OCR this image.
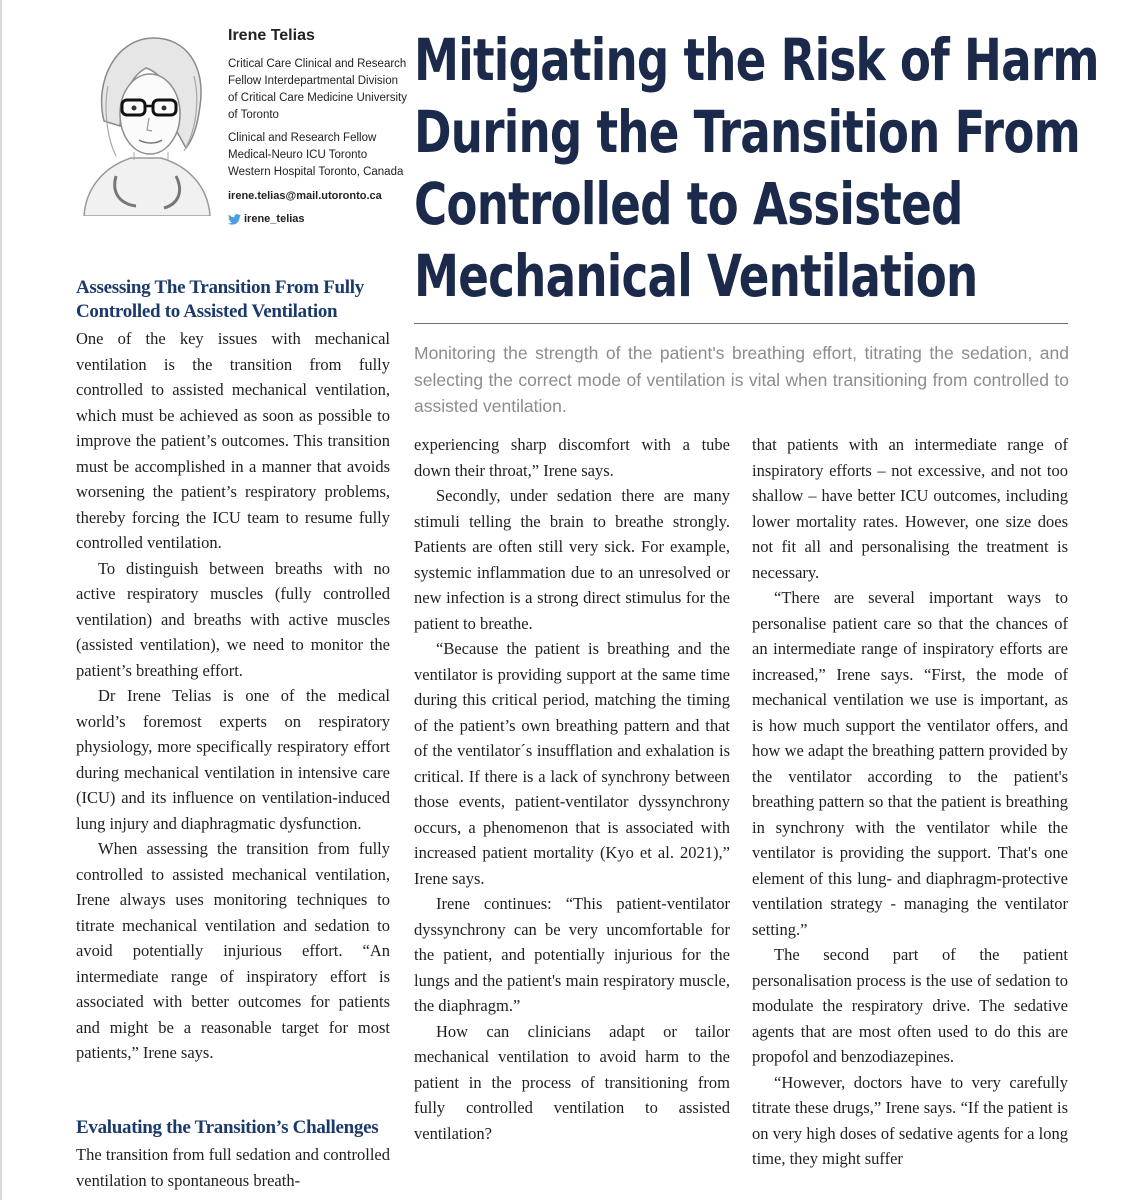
Irene Telias

Critical Care Clinical and Research Fellow Interdepartmental Division of Critical Care Medicine University of Toronto

Clinical and Research Fellow Medical-Neuro ICU Toronto Western Hospital Toronto, Canada

irene.telias@mail.utoronto.ca
irene_telias
Mitigating the Risk of Harm
During the Transition From
Controlled to Assisted
Mechanical Ventilation

Monitoring the strength of the patient's breathing effort, titrating the sedation, and selecting the correct mode of ventilation is vital when transitioning from controlled to assisted ventilation.

Assessing The Transition From Fully Controlled to Assisted Ventilation

One of the key issues with mechanical ventilation is the transition from fully controlled to assisted mechanical ventilation, which must be achieved as soon as possible to improve the patient’s outcomes. This transition must be accomplished in a manner that avoids worsening the patient’s respiratory problems, thereby forcing the ICU team to resume fully controlled ventilation.

To distinguish between breaths with no active respiratory muscles (fully controlled ventilation) and breaths with active muscles (assisted ventilation), we need to monitor the patient’s breathing effort.

Dr Irene Telias is one of the medical world’s foremost experts on respiratory physiology, more specifically respiratory effort during mechanical ventilation in intensive care (ICU) and its influence on ventilation-induced lung injury and diaphragmatic dysfunction.

When assessing the transition from fully controlled to assisted mechanical ventilation, Irene always uses monitoring techniques to titrate mechanical ventilation and sedation to avoid potentially injurious effort. “An intermediate range of inspiratory effort is associated with better outcomes for patients and might be a reasonable target for most patients,” Irene says.

Evaluating the Transition’s Challenges

The transition from full sedation and controlled ventilation to spontaneous breath-

experiencing sharp discomfort with a tube down their throat,” Irene says.

Secondly, under sedation there are many stimuli telling the brain to breathe strongly. Patients are often still very sick. For example, systemic inflammation due to an unresolved or new infection is a strong direct stimulus for the patient to breathe.

“Because the patient is breathing and the ventilator is providing support at the same time during this critical period, matching the timing of the patient’s own breathing pattern and that of the ventilator´s insufflation and exhalation is critical. If there is a lack of synchrony between those events, patient-ventilator dyssynchrony occurs, a phenomenon that is associated with increased patient mortality (Kyo et al. 2021),” Irene says.

Irene continues: “This patient-ventilator dyssynchrony can be very uncomfortable for the patient, and potentially injurious for the lungs and the patient's main respiratory muscle, the diaphragm.”

How can clinicians adapt or tailor mechanical ventilation to avoid harm to the patient in the process of transitioning from fully controlled ventilation to assisted ventilation?

that patients with an intermediate range of inspiratory efforts – not excessive, and not too shallow – have better ICU outcomes, including lower mortality rates. However, one size does not fit all and personalising the treatment is necessary.

“There are several important ways to personalise patient care so that the chances of an intermediate range of inspiratory efforts are increased,” Irene says. “First, the mode of mechanical ventilation we use is important, as is how much support the ventilator offers, and how we adapt the breathing pattern provided by the ventilator according to the patient's breathing pattern so that the patient is breathing in synchrony with the ventilator while the ventilator is providing the support. That's one element of this lung- and diaphragm-protective ventilation strategy - managing the ventilator setting.”

The second part of the patient personalisation process is the use of sedation to modulate the respiratory drive. The sedative agents that are most often used to do this are propofol and benzodiazepines.

“However, doctors have to very carefully titrate these drugs,” Irene says. “If the patient is on very high doses of sedative agents for a long time, they might suffer
